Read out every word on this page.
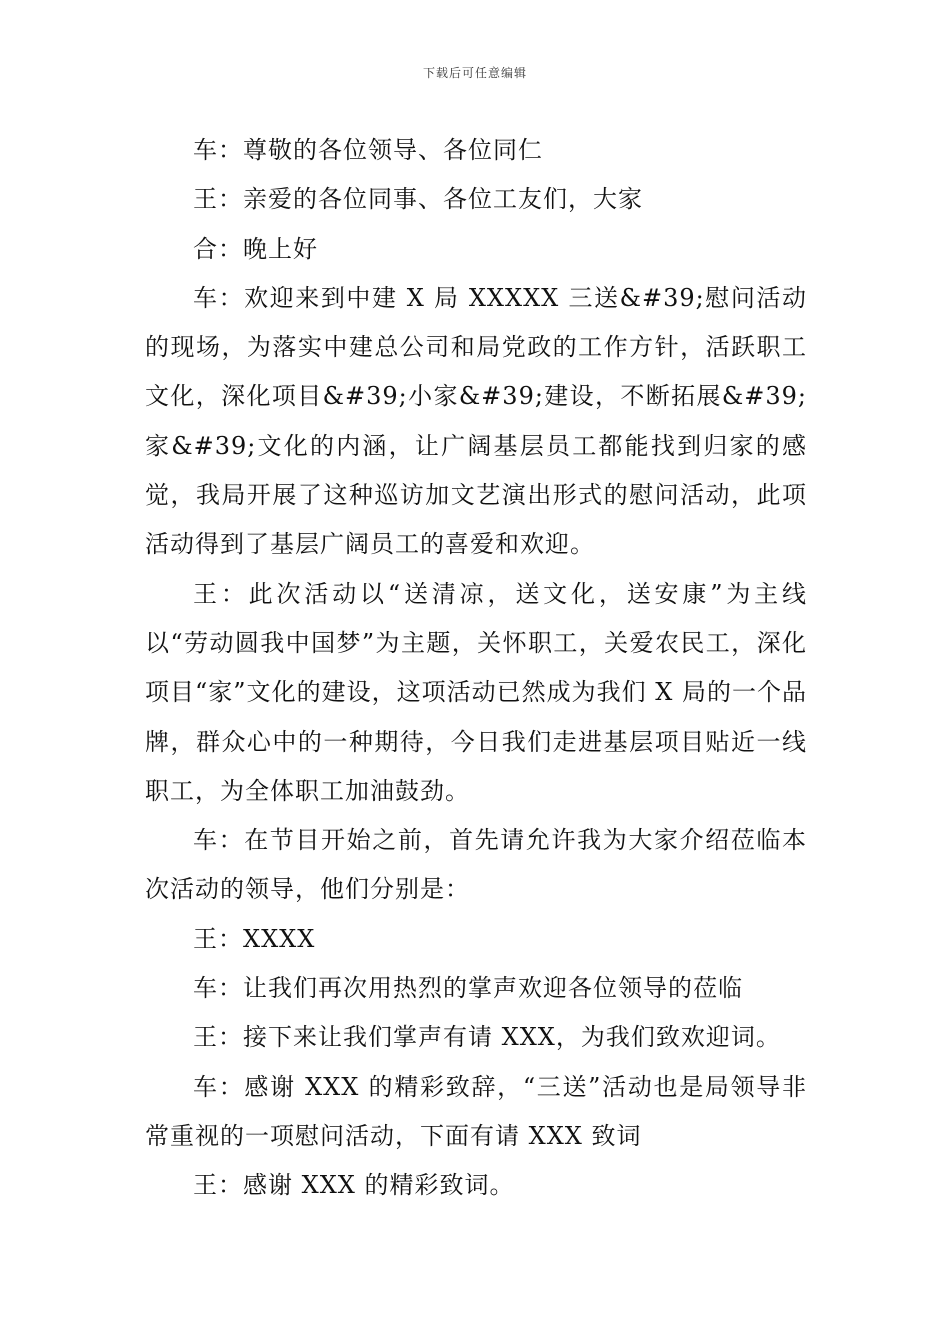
下载后可任意编辑

车：尊敬的各位领导、各位同仁

王：亲爱的各位同事、各位工友们，大家

合：晚上好

车：欢迎来到中建 X 局 XXXXX 三送&#39;慰问活动的现场，为落实中建总公司和局党政的工作方针，活跃职工文化，深化项目&#39;小家&#39;建设，不断拓展&#39;家&#39;文化的内涵，让广阔基层员工都能找到归家的感觉，我局开展了这种巡访加文艺演出形式的慰问活动，此项活动得到了基层广阔员工的喜爱和欢迎。

王：此次活动以“送清凉，送文化，送安康”为主线以“劳动圆我中国梦”为主题，关怀职工，关爱农民工，深化项目“家”文化的建设，这项活动已然成为我们 X 局的一个品牌，群众心中的一种期待，今日我们走进基层项目贴近一线职工，为全体职工加油鼓劲。

车：在节目开始之前，首先请允许我为大家介绍莅临本次活动的领导，他们分别是：

王：XXXX

车：让我们再次用热烈的掌声欢迎各位领导的莅临

王：接下来让我们掌声有请 XXX，为我们致欢迎词。

车：感谢 XXX 的精彩致辞，“三送”活动也是局领导非常重视的一项慰问活动，下面有请 XXX 致词

王：感谢 XXX 的精彩致词。
